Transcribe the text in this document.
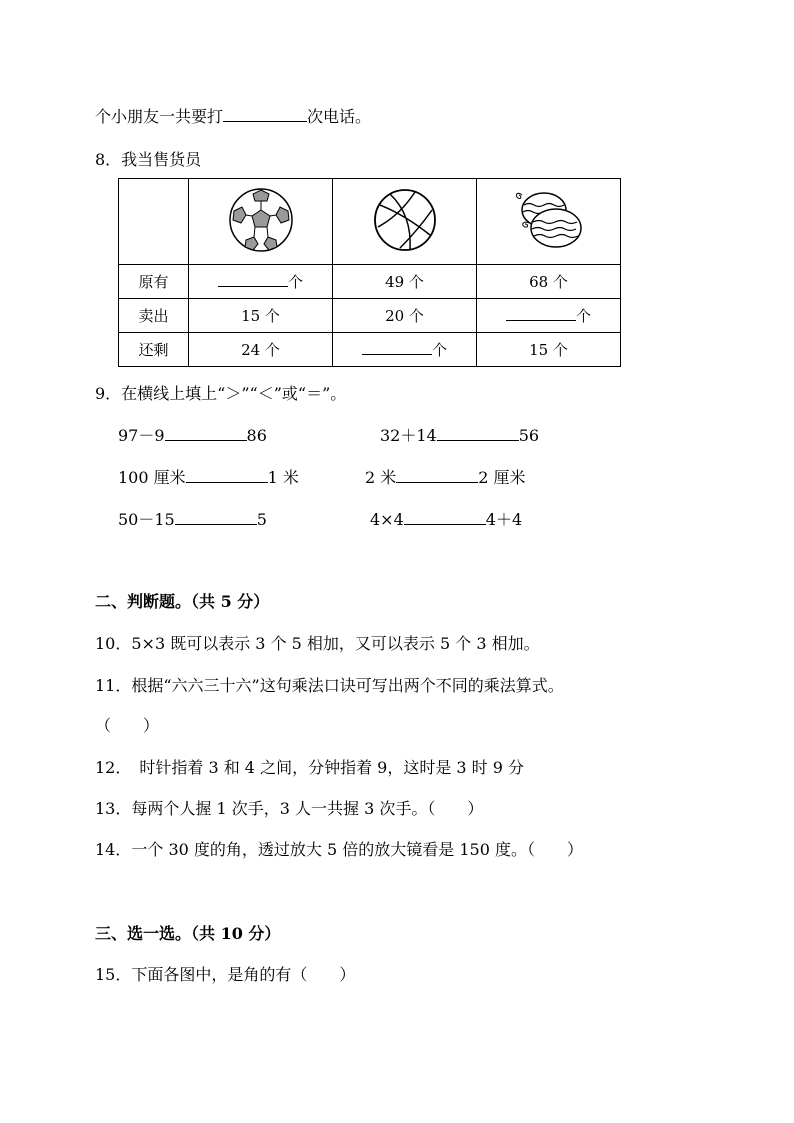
个小朋友一共要打	次电话。
8．我当售货员

原有	个	49 个	68 个
卖出	15 个	20 个	个
还剩	24 个	个	15 个
9．在横线上填上“＞”“＜”或“＝”。
97－9	86	32＋14	56
100 厘米	1 米	2 米	2 厘米
50－15	5	4×4	4＋4
二、判断题。（共 5 分）
10．5×3 既可以表示 3 个 5 相加，又可以表示 5 个 3 相加。
11．根据“六六三十六”这句乘法口诀可写出两个不同的乘法算式。
（　　）
12．　时针指着 3 和 4 之间，分钟指着 9，这时是 3 时 9 分
13．每两个人握 1 次手，3 人一共握 3 次手。（　　）
14．一个 30 度的角，透过放大 5 倍的放大镜看是 150 度。（　　）
三、选一选。（共 10 分）
15．下面各图中，是角的有（　　）
